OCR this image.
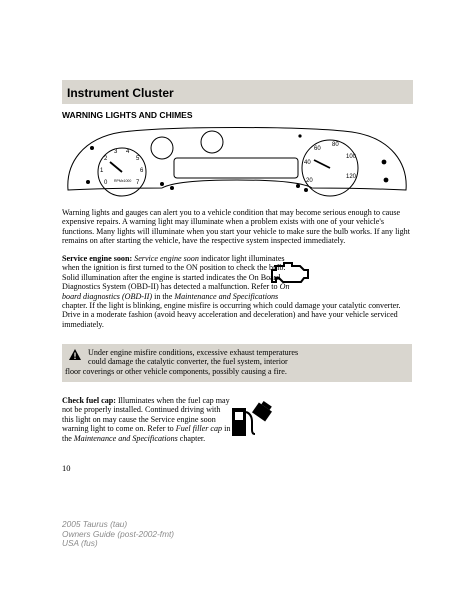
Instrument Cluster
WARNING LIGHTS AND CHIMES
0
1
2
3 4
5
6
7	20
40
60
80
100
120
RPMx1000

Warning lights and gauges can alert you to a vehicle condition that may become serious enough to cause expensive repairs. A warning light may illuminate when a problem exists with one of your vehicle's functions. Many lights will illuminate when you start your vehicle to make sure the bulb works. If any light remains on after starting the vehicle, have the respective system inspected immediately.

Service engine soon: Service engine soon indicator light illuminates when the ignition is first turned to the ON position to check the bulb. Solid illumination after the engine is started indicates the On Board Diagnostics System (OBD-II) has detected a malfunction. Refer to On board diagnostics (OBD-II) in the Maintenance and Specifications chapter. If the light is blinking, engine misfire is occurring which could damage your catalytic converter. Drive in a moderate fashion (avoid heavy acceleration and deceleration) and have your vehicle serviced immediately.

Under engine misfire conditions, excessive exhaust temperatures
could damage the catalytic converter, the fuel system, interior
floor coverings or other vehicle components, possibly causing a fire.

Check fuel cap: Illuminates when the fuel cap may not be properly installed. Continued driving with this light on may cause the Service engine soon warning light to come on. Refer to Fuel filler cap in the Maintenance and Specifications chapter.

10
2005 Taurus (tau)
Owners Guide (post-2002-fmt)
USA (fus)
